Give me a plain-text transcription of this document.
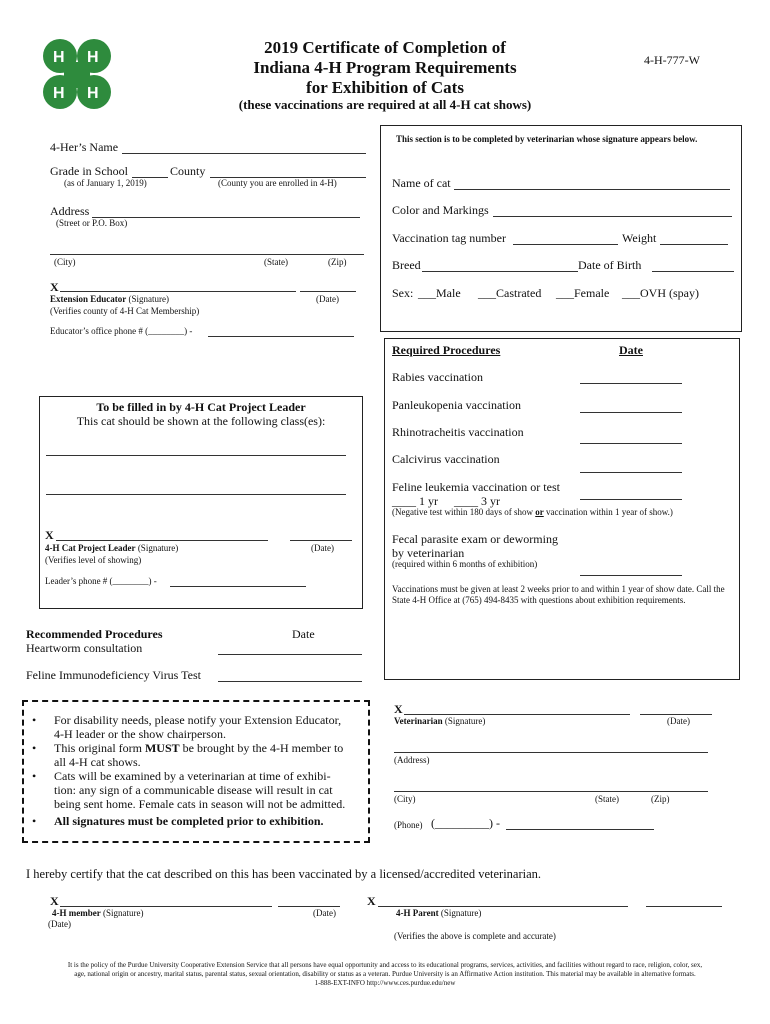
H H
H H
2019 Certificate of Completion of
Indiana 4-H Program Requirements
for Exhibition of Cats
(these vaccinations are required at all 4-H cat shows)
4-H-777-W
4-Her’s Name
Grade in School	County
(as of January 1, 2019)	(County you are enrolled in 4-H)
Address
(Street or P.O. Box)
(City)	(State)	(Zip)
X
Extension Educator (Signature)	(Date)
(Verifies county of 4-H Cat Membership)
Educator’s office phone # (________) -
This section is to be completed by veterinarian whose signature appears below.
Name of cat
Color and Markings
Vaccination tag number	Weight
Breed	Date of Birth
Sex: ___Male ___Castrated ___Female ___OVH (spay)
Required Procedures	Date
Rabies vaccination
Panleukopenia vaccination
Rhinotracheitis vaccination
Calcivirus vaccination
Feline leukemia vaccination or test
____ 1 yr ____ 3 yr
(Negative test within 180 days of show or vaccination within 1 year of show.)
Fecal parasite exam or deworming
by veterinarian
(required within 6 months of exhibition)
Vaccinations must be given at least 2 weeks prior to and within 1 year of show date. Call the State 4-H Office at (765) 494-8435 with questions about exhibition requirements.
To be filled in by 4-H Cat Project Leader
This cat should be shown at the following class(es):
X
4-H Cat Project Leader (Signature)	(Date)
(Verifies level of showing)
Leader’s phone # (________) -
Recommended Procedures	Date
Heartworm consultation
Feline Immunodeficiency Virus Test
• For disability needs, please notify your Extension Educator,
4-H leader or the show chairperson.
• This original form MUST be brought by the 4-H member to
all 4-H cat shows.
• Cats will be examined by a veterinarian at time of exhibi-
tion: any sign of a communicable disease will result in cat
being sent home. Female cats in season will not be admitted.
• All signatures must be completed prior to exhibition.
X
Veterinarian (Signature)	(Date)
(Address)
(City)	(State)	(Zip)
(Phone) (_________) -
I hereby certify that the cat described on this has been vaccinated by a licensed/accredited veterinarian.
X
4-H member (Signature)	(Date)
(Date)
X
4-H Parent (Signature)
(Verifies the above is complete and accurate)
It is the policy of the Purdue University Cooperative Extension Service that all persons have equal opportunity and access to its educational programs, services, activities, and facilities without regard to race, religion, color, sex,
age, national origin or ancestry, marital status, parental status, sexual orientation, disability or status as a veteran. Purdue University is an Affirmative Action institution. This material may be available in alternative formats.
1-888-EXT-INFO http://www.ces.purdue.edu/new
